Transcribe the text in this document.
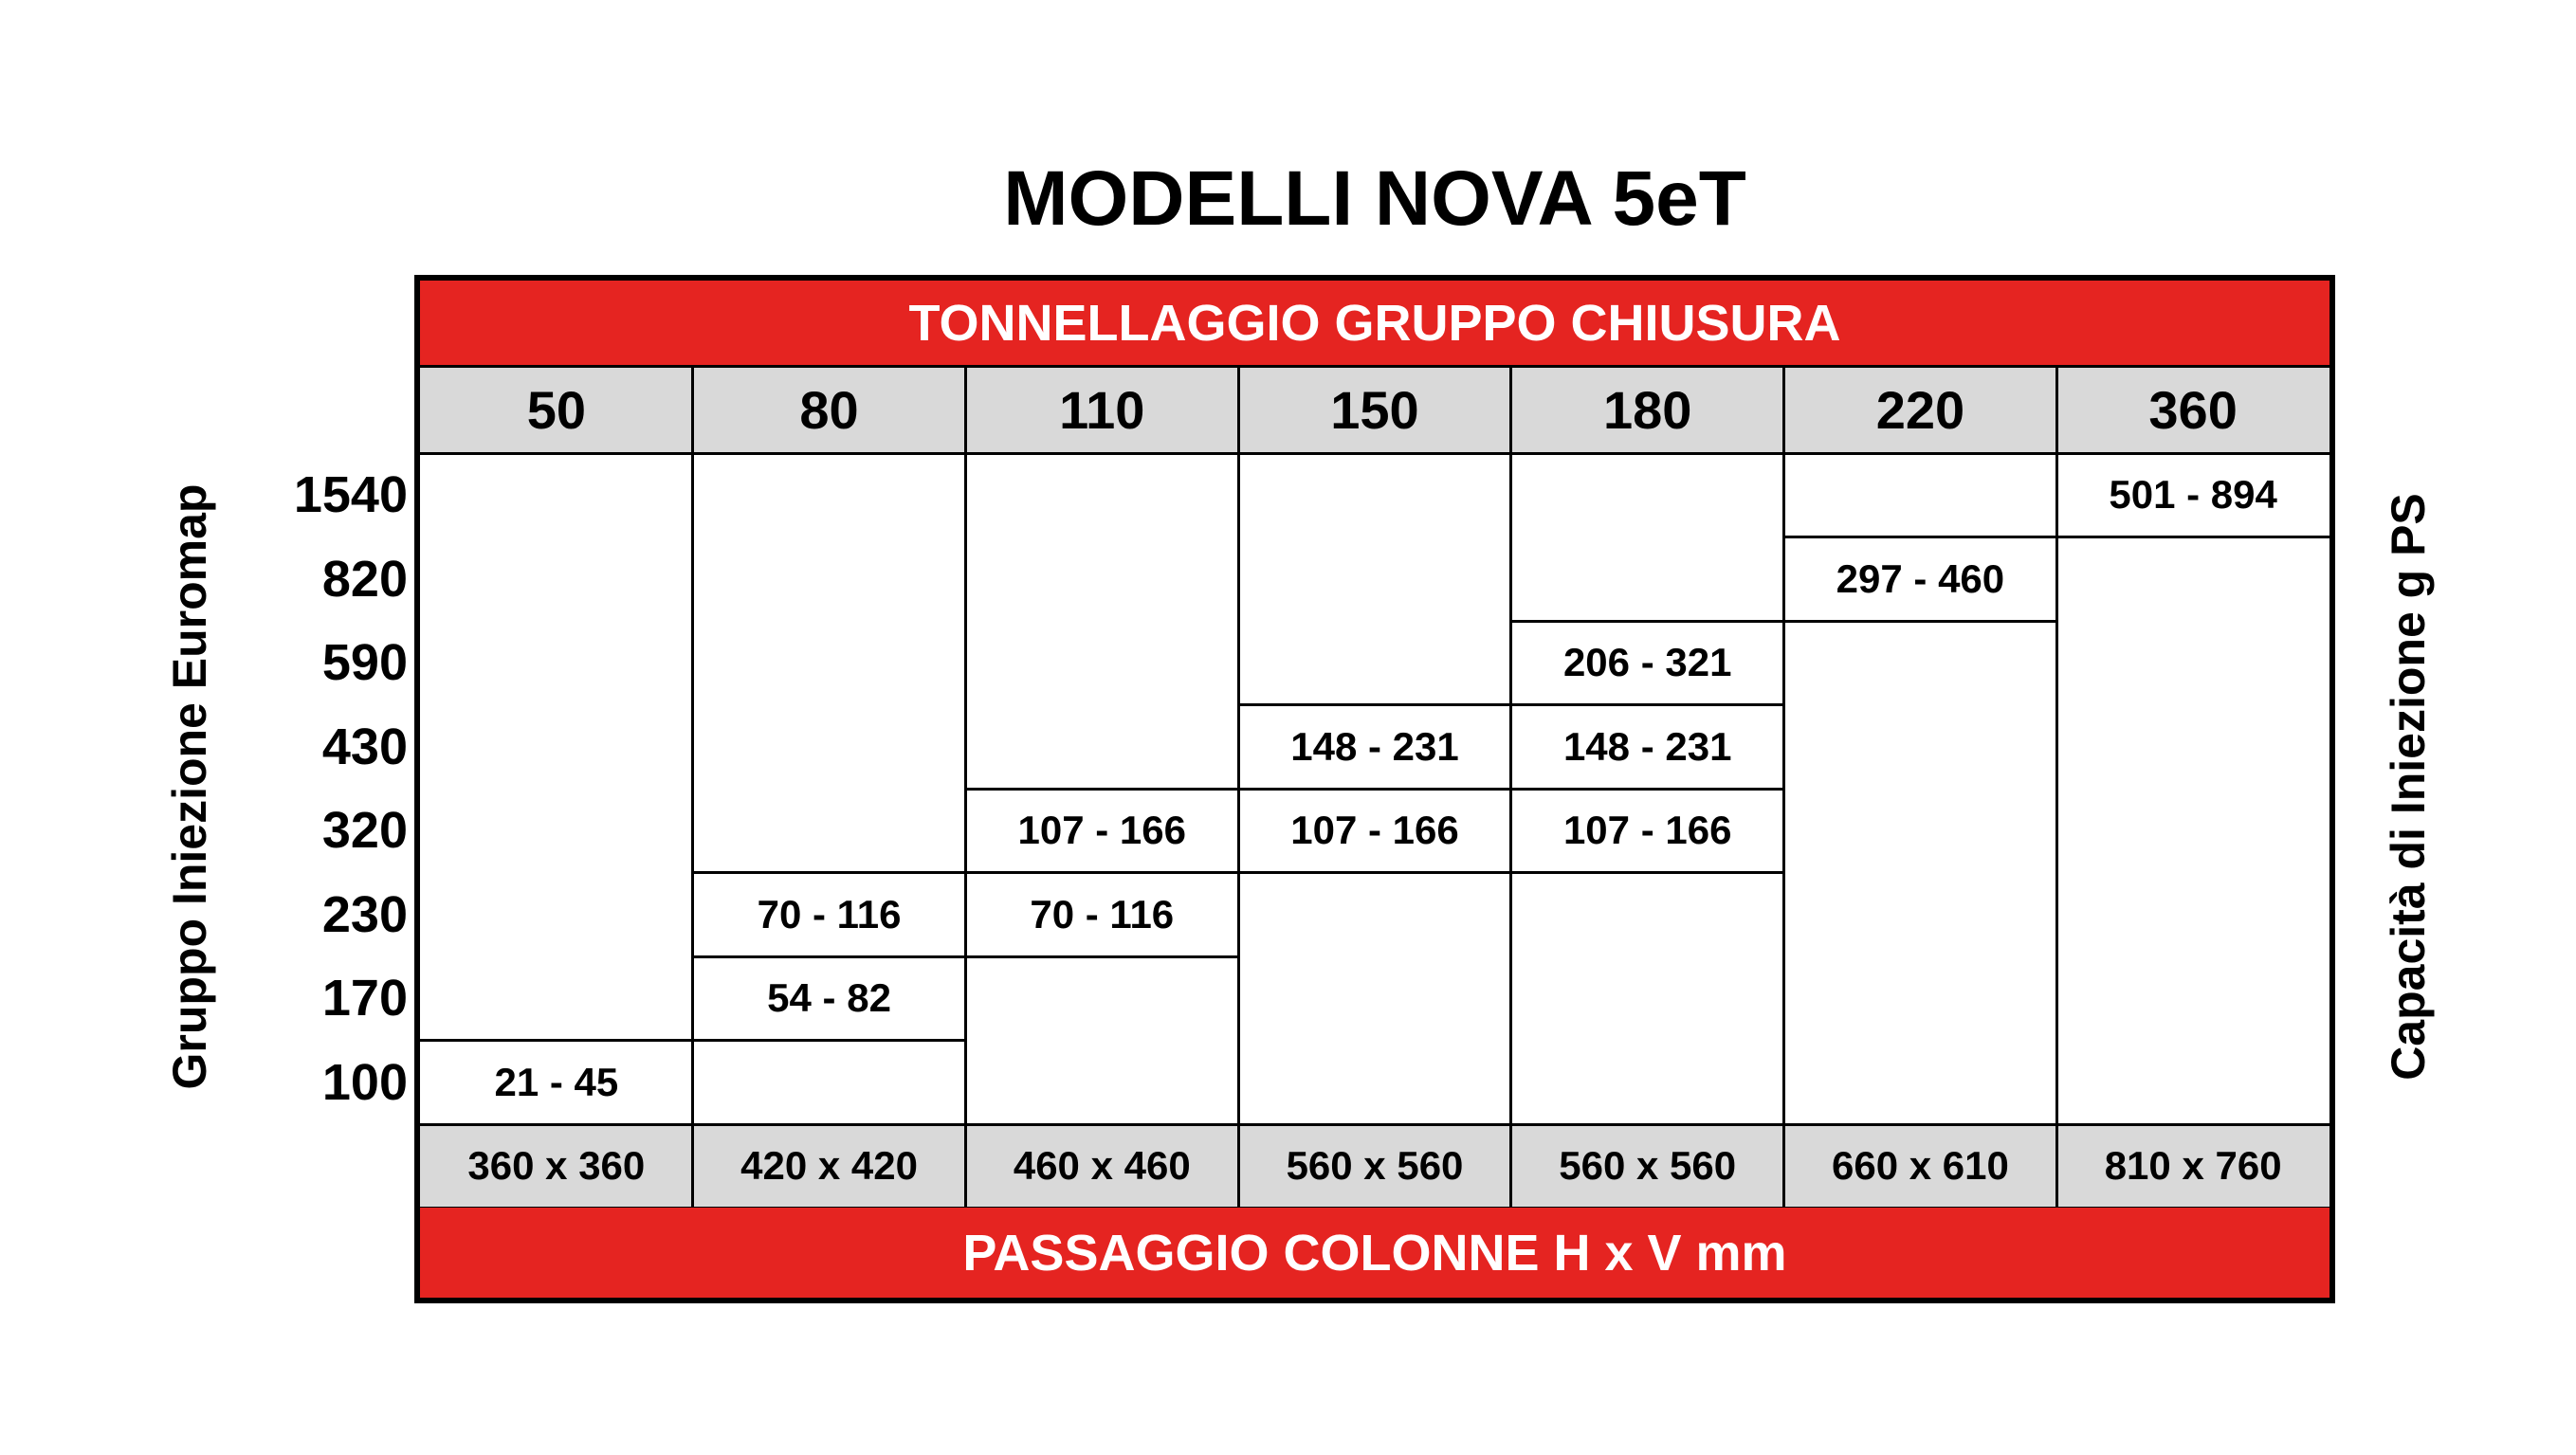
MODELLI NOVA 5eT
Gruppo Iniezione Euromap	Capacità di Iniezione g PS
1540
820
590
430
320
230
170
100
TONNELLAGGIO GRUPPO CHIUSURA
50
360 x 360
80
420 x 420
110
460 x 460
150
560 x 560
180
560 x 560
220
660 x 610
360
810 x 760
21 - 45
70 - 116
54 - 82
107 - 166
70 - 116
148 - 231
107 - 166
206 - 321
148 - 231
107 - 166
297 - 460
501 - 894
PASSAGGIO COLONNE H x V mm
